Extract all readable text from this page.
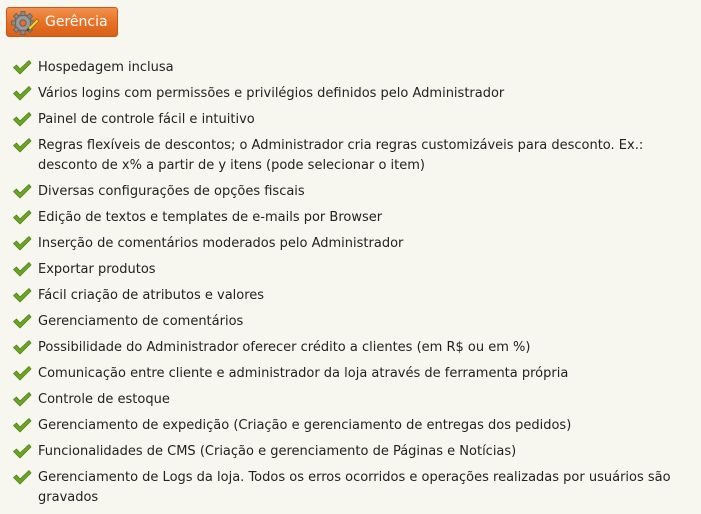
Gerência
Hospedagem inclusa
Vários logins com permissões e privilégios definidos pelo Administrador
Painel de controle fácil e intuitivo
Regras flexíveis de descontos; o Administrador cria regras customizáveis para desconto. Ex.: desconto de x% a partir de y itens (pode selecionar o item)
Diversas configurações de opções fiscais
Edição de textos e templates de e-mails por Browser
Inserção de comentários moderados pelo Administrador
Exportar produtos
Fácil criação de atributos e valores
Gerenciamento de comentários
Possibilidade do Administrador oferecer crédito a clientes (em R$ ou em %)
Comunicação entre cliente e administrador da loja através de ferramenta própria
Controle de estoque
Gerenciamento de expedição (Criação e gerenciamento de entregas dos pedidos)
Funcionalidades de CMS (Criação e gerenciamento de Páginas e Notícias)
Gerenciamento de Logs da loja. Todos os erros ocorridos e operações realizadas por usuários são gravados
